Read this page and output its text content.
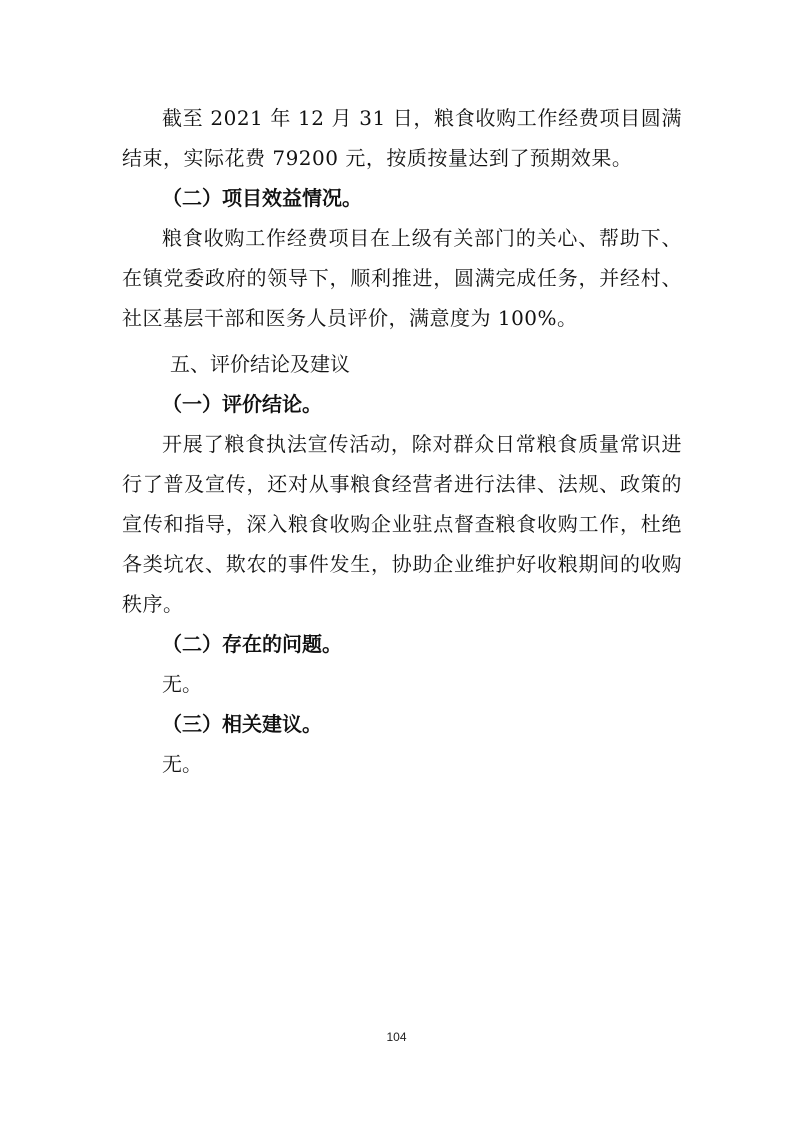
截至 2021 年 12 月 31 日，粮食收购工作经费项目圆满结束，实际花费 79200 元，按质按量达到了预期效果。

（二）项目效益情况。

粮食收购工作经费项目在上级有关部门的关心、帮助下、在镇党委政府的领导下，顺利推进，圆满完成任务，并经村、社区基层干部和医务人员评价，满意度为 100%。

五、评价结论及建议

（一）评价结论。

开展了粮食执法宣传活动，除对群众日常粮食质量常识进行了普及宣传，还对从事粮食经营者进行法律、法规、政策的宣传和指导，深入粮食收购企业驻点督查粮食收购工作，杜绝各类坑农、欺农的事件发生，协助企业维护好收粮期间的收购秩序。

（二）存在的问题。

无。

（三）相关建议。

无。

104
